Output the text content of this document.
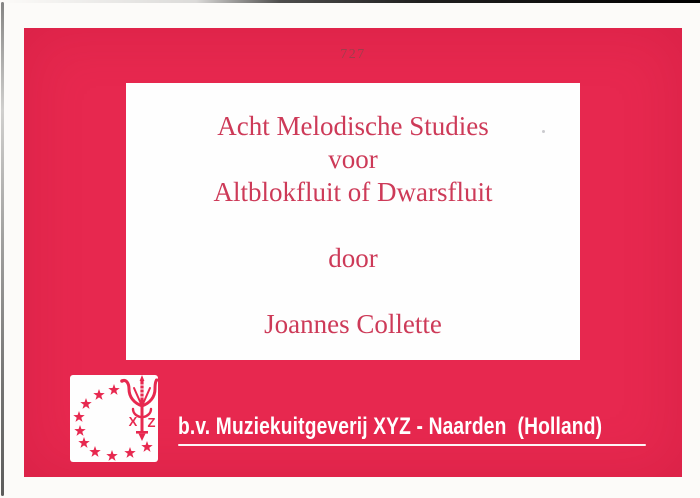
727
Acht Melodische Studies
voor
Altblokfluit of Dwarsfluit
door
Joannes Collette
X Z b.v. Muziekuitgeverij XYZ - Naarden  (Holland)
